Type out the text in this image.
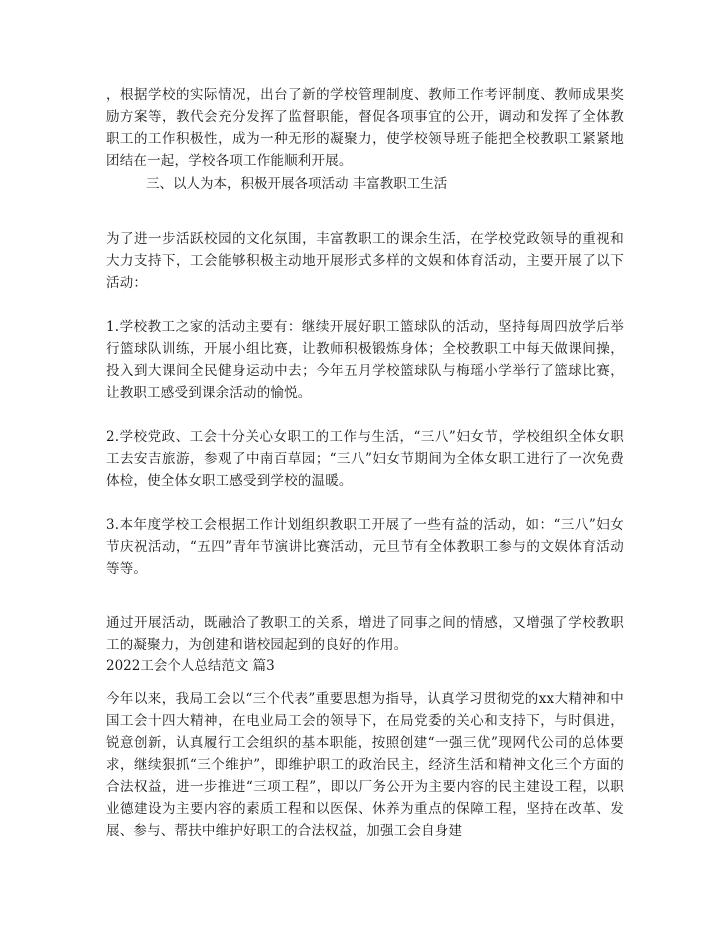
，根据学校的实际情况，出台了新的学校管理制度、教师工作考评制度、教师成果奖励方案等，教代会充分发挥了监督职能，督促各项事宜的公开，调动和发挥了全体教职工的工作积极性，成为一种无形的凝聚力，使学校领导班子能把全校教职工紧紧地团结在一起，学校各项工作能顺利开展。

三、以人为本，积极开展各项活动 丰富教职工生活

为了进一步活跃校园的文化氛围，丰富教职工的课余生活，在学校党政领导的重视和大力支持下，工会能够积极主动地开展形式多样的文娱和体育活动，主要开展了以下活动：

1.学校教工之家的活动主要有：继续开展好职工篮球队的活动，坚持每周四放学后举行篮球队训练，开展小组比赛，让教师积极锻炼身体；全校教职工中每天做课间操，投入到大课间全民健身运动中去；今年五月学校篮球队与梅瑶小学举行了篮球比赛，让教职工感受到课余活动的愉悦。

2.学校党政、工会十分关心女职工的工作与生活，“三八”妇女节，学校组织全体女职工去安吉旅游，参观了中南百草园；“三八”妇女节期间为全体女职工进行了一次免费体检，使全体女职工感受到学校的温暖。

3.本年度学校工会根据工作计划组织教职工开展了一些有益的活动，如：“三八”妇女节庆祝活动，“五四”青年节演讲比赛活动，元旦节有全体教职工参与的文娱体育活动等等。

通过开展活动，既融洽了教职工的关系，增进了同事之间的情感，又增强了学校教职工的凝聚力，为创建和谐校园起到的良好的作用。

2022工会个人总结范文 篇3

今年以来，我局工会以“三个代表”重要思想为指导，认真学习贯彻党的xx大精神和中国工会十四大精神，在电业局工会的领导下，在局党委的关心和支持下，与时俱进，锐意创新，认真履行工会组织的基本职能，按照创建“一强三优”现网代公司的总体要求，继续狠抓“三个维护”，即维护职工的政治民主，经济生活和精神文化三个方面的合法权益，进一步推进“三项工程”，即以厂务公开为主要内容的民主建设工程，以职业德建设为主要内容的素质工程和以医保、休养为重点的保障工程，坚持在改革、发展、参与、帮扶中维护好职工的合法权益，加强工会自身建
